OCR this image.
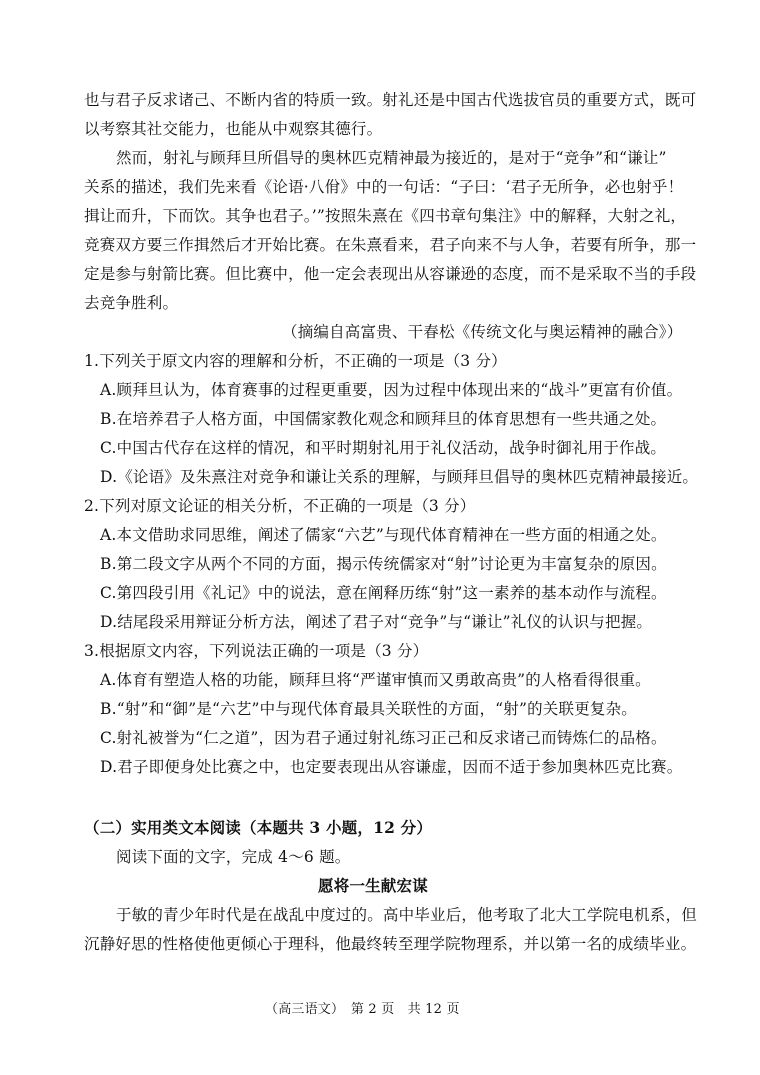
也与君子反求诸己、不断内省的特质一致。射礼还是中国古代选拔官员的重要方式，既可
以考察其社交能力，也能从中观察其德行。
然而，射礼与顾拜旦所倡导的奥林匹克精神最为接近的，是对于“竞争”和“谦让”
关系的描述，我们先来看《论语·八佾》中的一句话：“子曰：‘君子无所争，必也射乎！
揖让而升，下而饮。其争也君子。’”按照朱熹在《四书章句集注》中的解释，大射之礼，
竞赛双方要三作揖然后才开始比赛。在朱熹看来，君子向来不与人争，若要有所争，那一
定是参与射箭比赛。但比赛中，他一定会表现出从容谦逊的态度，而不是采取不当的手段
去竞争胜利。
（摘编自高富贵、干春松《传统文化与奥运精神的融合》）
1.下列关于原文内容的理解和分析，不正确的一项是（3 分）
A.顾拜旦认为，体育赛事的过程更重要，因为过程中体现出来的“战斗”更富有价值。
B.在培养君子人格方面，中国儒家教化观念和顾拜旦的体育思想有一些共通之处。
C.中国古代存在这样的情况，和平时期射礼用于礼仪活动，战争时御礼用于作战。
D.《论语》及朱熹注对竞争和谦让关系的理解，与顾拜旦倡导的奥林匹克精神最接近。
2.下列对原文论证的相关分析，不正确的一项是（3 分）
A.本文借助求同思维，阐述了儒家“六艺”与现代体育精神在一些方面的相通之处。
B.第二段文字从两个不同的方面，揭示传统儒家对“射”讨论更为丰富复杂的原因。
C.第四段引用《礼记》中的说法，意在阐释历练“射”这一素养的基本动作与流程。
D.结尾段采用辩证分析方法，阐述了君子对“竞争”与“谦让”礼仪的认识与把握。
3.根据原文内容，下列说法正确的一项是（3 分）
A.体育有塑造人格的功能，顾拜旦将“严谨审慎而又勇敢高贵”的人格看得很重。
B.“射”和“御”是“六艺”中与现代体育最具关联性的方面，“射”的关联更复杂。
C.射礼被誉为“仁之道”，因为君子通过射礼练习正己和反求诸己而铸炼仁的品格。
D.君子即便身处比赛之中，也定要表现出从容谦虚，因而不适于参加奥林匹克比赛。
（二）实用类文本阅读（本题共 3 小题，12 分）
阅读下面的文字，完成 4～6 题。
愿将一生献宏谋
于敏的青少年时代是在战乱中度过的。高中毕业后，他考取了北大工学院电机系，但
沉静好思的性格使他更倾心于理科，他最终转至理学院物理系，并以第一名的成绩毕业。
（高三语文）　第 2 页　共 12 页
